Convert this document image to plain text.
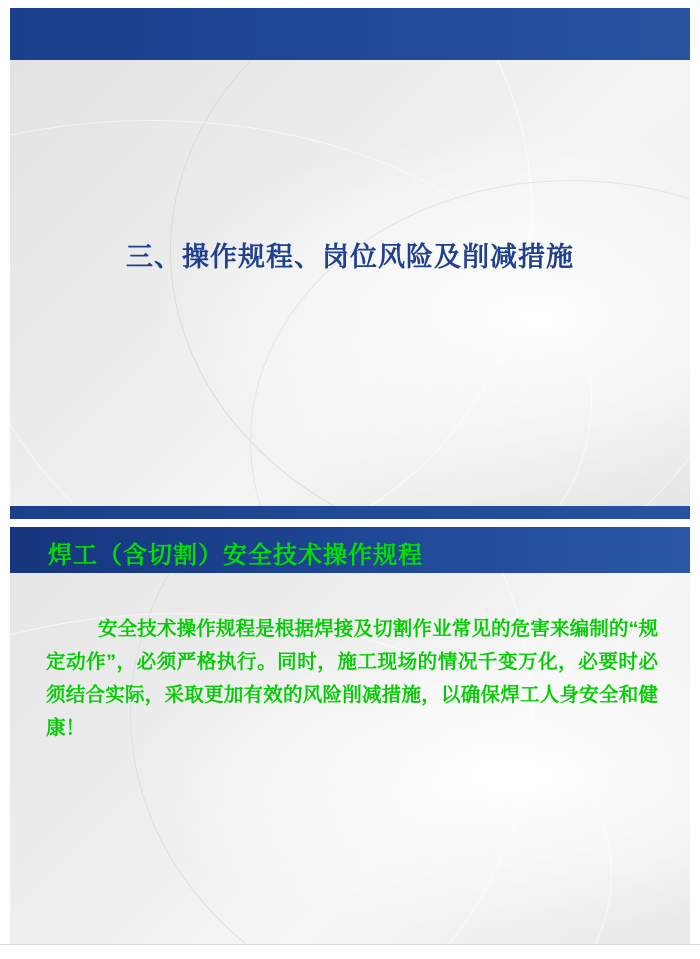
三、操作规程、岗位风险及削减措施
焊工（含切割）安全技术操作规程
安全技术操作规程是根据焊接及切割作业常见的危害来编制的“规定动作”，必须严格执行。同时，施工现场的情况千变万化，必要时必须结合实际，采取更加有效的风险削减措施，以确保焊工人身安全和健康！
